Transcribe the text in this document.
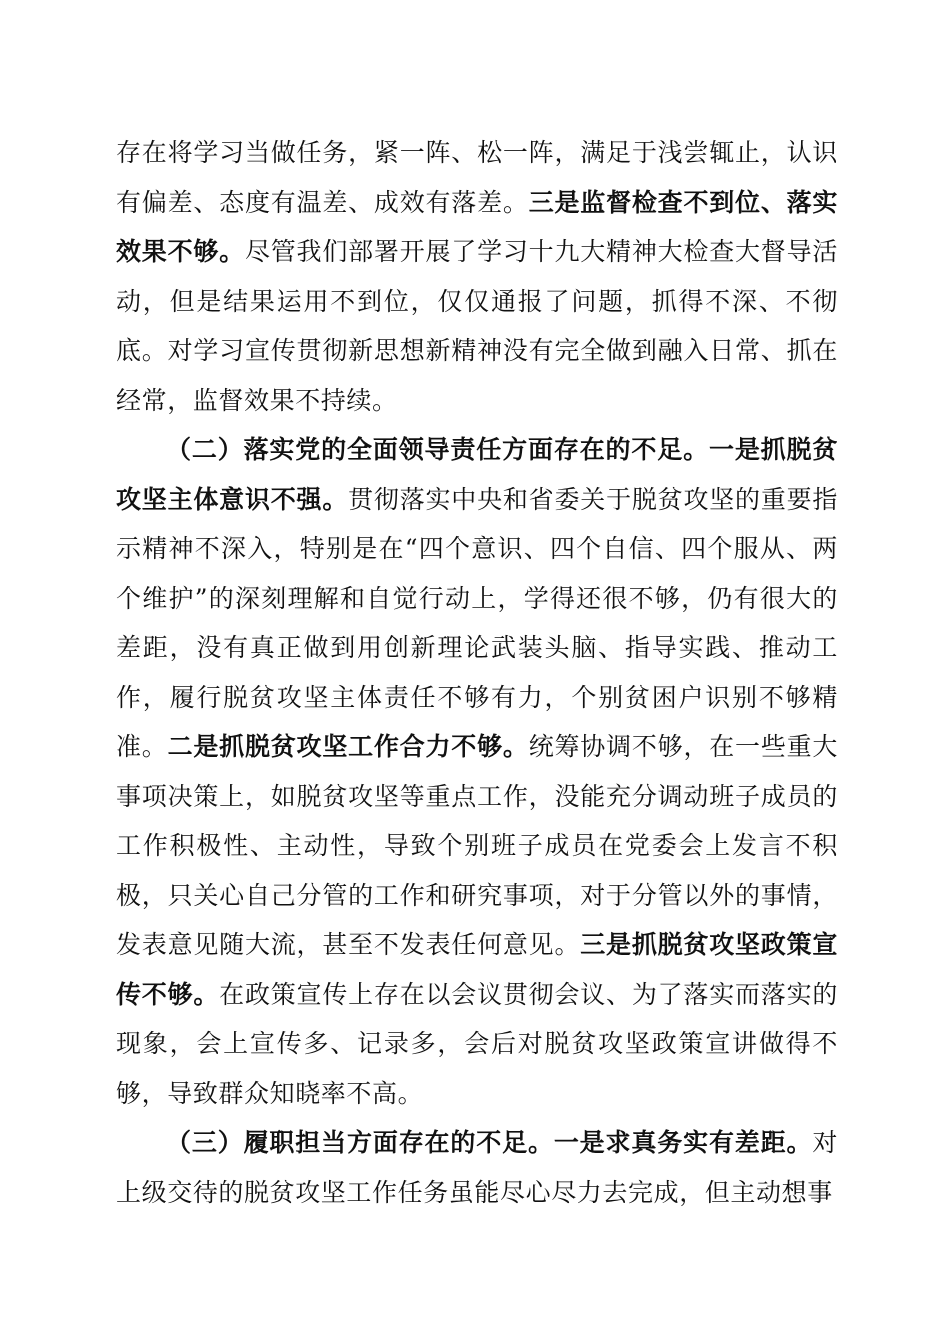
存在将学习当做任务，紧一阵、松一阵，满足于浅尝辄止，认识有偏差、态度有温差、成效有落差。三是监督检查不到位、落实效果不够。尽管我们部署开展了学习十九大精神大检查大督导活动，但是结果运用不到位，仅仅通报了问题，抓得不深、不彻底。对学习宣传贯彻新思想新精神没有完全做到融入日常、抓在经常，监督效果不持续。

（二）落实党的全面领导责任方面存在的不足。一是抓脱贫攻坚主体意识不强。贯彻落实中央和省委关于脱贫攻坚的重要指示精神不深入，特别是在“四个意识、四个自信、四个服从、两个维护”的深刻理解和自觉行动上，学得还很不够，仍有很大的差距，没有真正做到用创新理论武装头脑、指导实践、推动工作，履行脱贫攻坚主体责任不够有力，个别贫困户识别不够精准。二是抓脱贫攻坚工作合力不够。统筹协调不够，在一些重大事项决策上，如脱贫攻坚等重点工作，没能充分调动班子成员的工作积极性、主动性，导致个别班子成员在党委会上发言不积极，只关心自己分管的工作和研究事项，对于分管以外的事情，发表意见随大流，甚至不发表任何意见。三是抓脱贫攻坚政策宣传不够。在政策宣传上存在以会议贯彻会议、为了落实而落实的现象，会上宣传多、记录多，会后对脱贫攻坚政策宣讲做得不够，导致群众知晓率不高。

（三）履职担当方面存在的不足。一是求真务实有差距。对上级交待的脱贫攻坚工作任务虽能尽心尽力去完成，但主动想事
